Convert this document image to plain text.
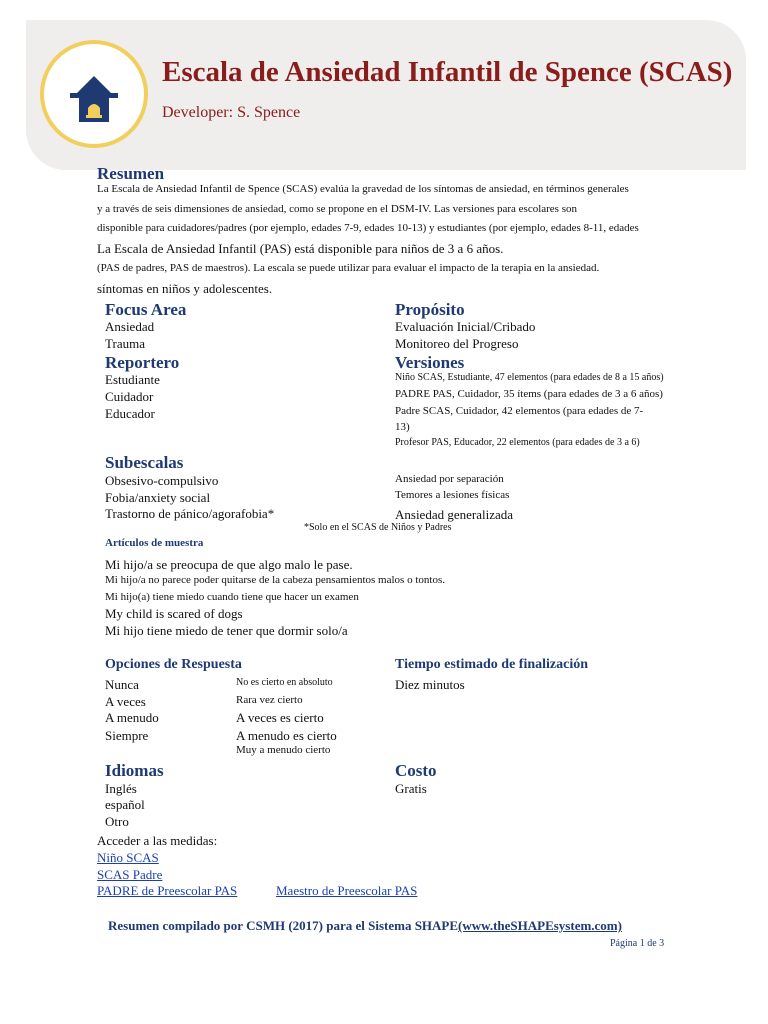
Escala de Ansiedad Infantil de Spence (SCAS)
Developer: S. Spence
Resumen
La Escala de Ansiedad Infantil de Spence (SCAS) evalúa la gravedad de los síntomas de ansiedad, en términos generales
y a través de seis dimensiones de ansiedad, como se propone en el DSM-IV. Las versiones para escolares son
disponible para cuidadores/padres (por ejemplo, edades 7-9, edades 10-13) y estudiantes (por ejemplo, edades 8-11, edades
La Escala de Ansiedad Infantil (PAS) está disponible para niños de 3 a 6 años.
(PAS de padres, PAS de maestros). La escala se puede utilizar para evaluar el impacto de la terapia en la ansiedad.
síntomas en niños y adolescentes.
Focus Area
Ansiedad
Trauma
Propósito
Evaluación Inicial/Cribado
Monitoreo del Progreso
Reportero
Estudiante
Cuidador
Educador
Versiones
Niño SCAS, Estudiante, 47 elementos (para edades de 8 a 15 años)
PADRE PAS, Cuidador, 35 ítems (para edades de 3 a 6 años)
Padre SCAS, Cuidador, 42 elementos (para edades de 7-
13)
Profesor PAS, Educador, 22 elementos (para edades de 3 a 6)
Subescalas
Obsesivo-compulsivo
Fobia/anxiety social
Trastorno de pánico/agorafobia*
Ansiedad por separación
Temores a lesiones físicas
Ansiedad generalizada
*Solo en el SCAS de Niños y Padres
Artículos de muestra
Mi hijo/a se preocupa de que algo malo le pase.
Mi hijo/a no parece poder quitarse de la cabeza pensamientos malos o tontos.
Mi hijo(a) tiene miedo cuando tiene que hacer un examen
My child is scared of dogs
Mi hijo tiene miedo de tener que dormir solo/a
Opciones de Respuesta
Nunca
A veces
A menudo
Siempre
No es cierto en absoluto
Rara vez cierto
A veces es cierto
A menudo es cierto
Muy a menudo cierto
Tiempo estimado de finalización
Diez minutos
Idiomas
Inglés
español
Otro
Costo
Gratis
Acceder a las medidas:
Niño SCAS
SCAS Padre
PADRE de Preescolar PAS	Maestro de Preescolar PAS
Resumen compilado por CSMH (2017) para el Sistema SHAPE(www.theSHAPEsystem.com)
Página 1 de 3
